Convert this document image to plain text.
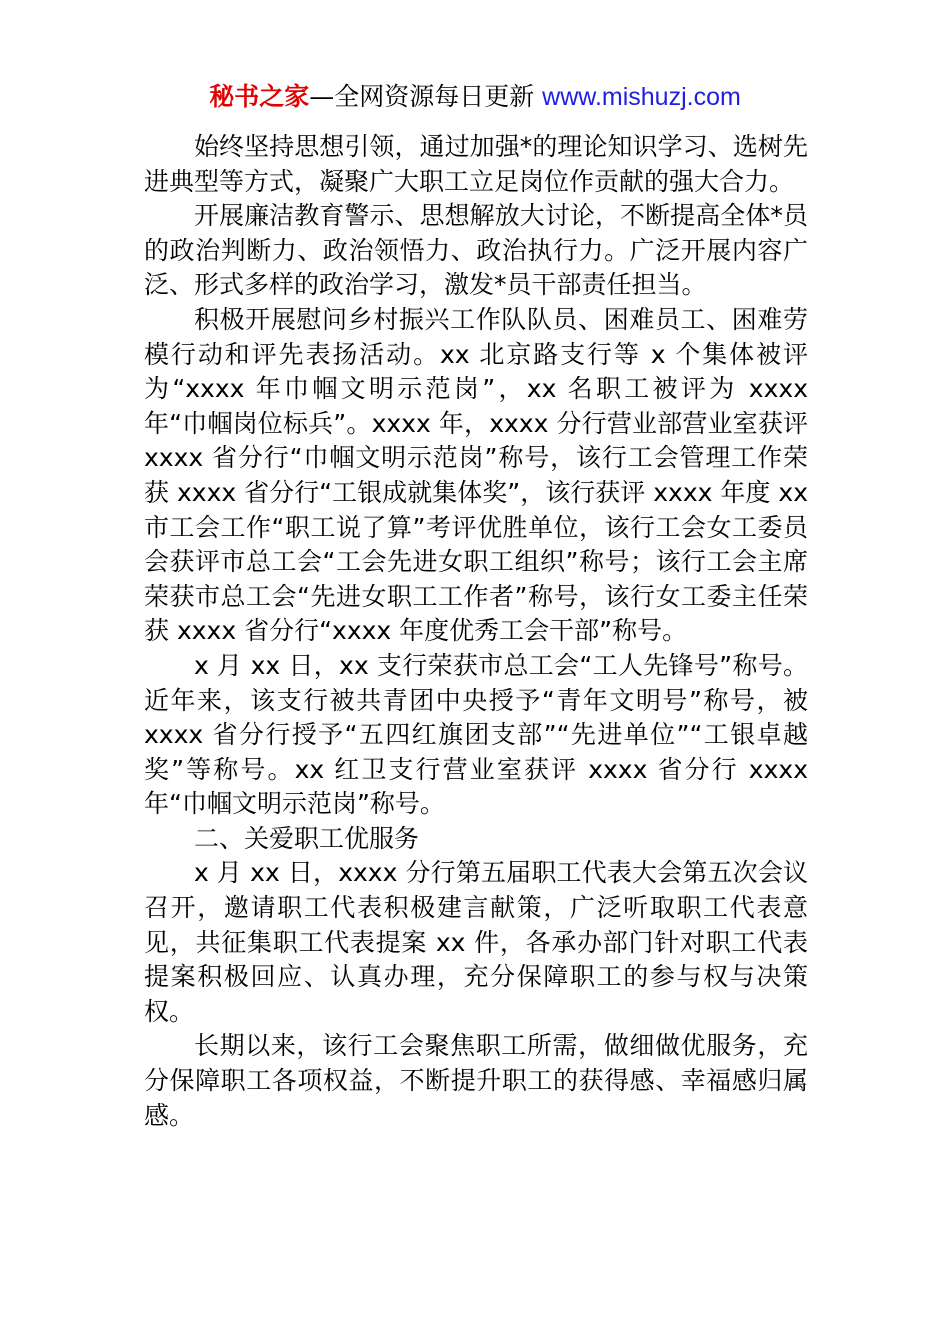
秘书之家—全网资源每日更新 www.mishuzj.com

始终坚持思想引领，通过加强*的理论知识学习、选树先进典型等方式，凝聚广大职工立足岗位作贡献的强大合力。

开展廉洁教育警示、思想解放大讨论，不断提高全体*员的政治判断力、政治领悟力、政治执行力。广泛开展内容广泛、形式多样的政治学习，激发*员干部责任担当。

积极开展慰问乡村振兴工作队队员、困难员工、困难劳模行动和评先表扬活动。xx 北京路支行等 x 个集体被评为“xxxx 年巾帼文明示范岗”，xx 名职工被评为 xxxx 年“巾帼岗位标兵”。xxxx 年，xxxx 分行营业部营业室获评 xxxx 省分行“巾帼文明示范岗”称号，该行工会管理工作荣获 xxxx 省分行“工银成就集体奖”，该行获评 xxxx 年度 xx 市工会工作“职工说了算”考评优胜单位，该行工会女工委员会获评市总工会“工会先进女职工组织”称号；该行工会主席荣获市总工会“先进女职工工作者”称号，该行女工委主任荣获 xxxx 省分行“xxxx 年度优秀工会干部”称号。

x 月 xx 日，xx 支行荣获市总工会“工人先锋号”称号。近年来，该支行被共青团中央授予“青年文明号”称号，被 xxxx 省分行授予“五四红旗团支部”“先进单位”“工银卓越奖”等称号。xx 红卫支行营业室获评 xxxx 省分行 xxxx 年“巾帼文明示范岗”称号。

二、关爱职工优服务

x 月 xx 日，xxxx 分行第五届职工代表大会第五次会议召开，邀请职工代表积极建言献策，广泛听取职工代表意见，共征集职工代表提案 xx 件，各承办部门针对职工代表提案积极回应、认真办理，充分保障职工的参与权与决策权。

长期以来，该行工会聚焦职工所需，做细做优服务，充分保障职工各项权益，不断提升职工的获得感、幸福感归属感。
